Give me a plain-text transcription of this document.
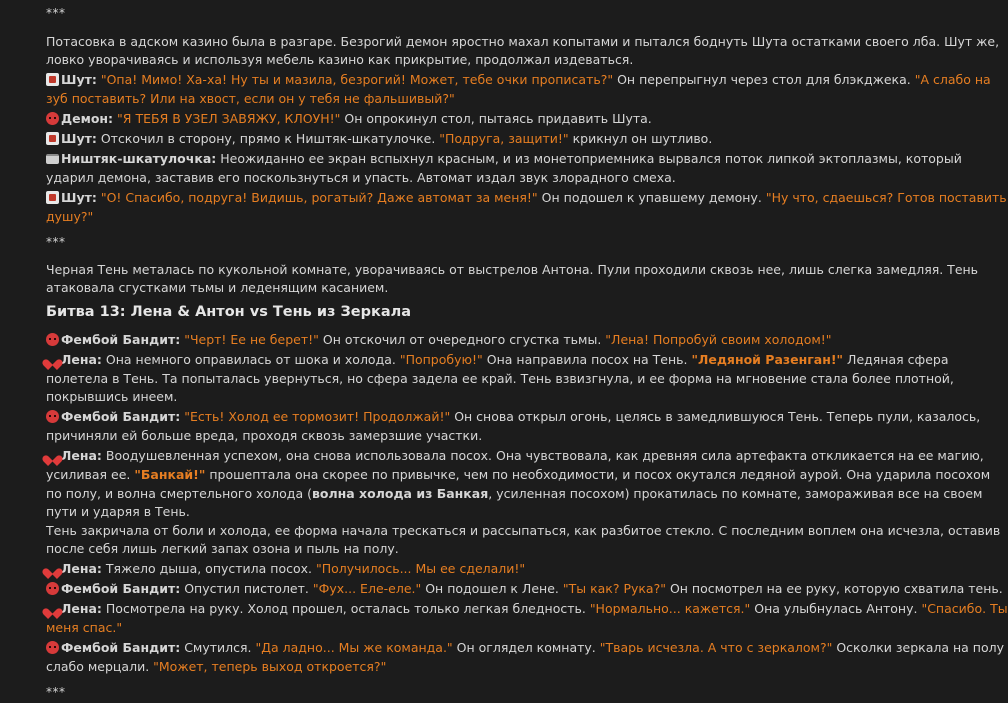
***
Потасовка в адском казино была в разгаре. Безрогий демон яростно махал копытами и пытался боднуть Шута остатками своего лба. Шут же,
ловко уворачиваясь и используя мебель казино как прикрытие, продолжал издеваться.
Шут: "Опа! Мимо! Ха-ха! Ну ты и мазила, безрогий! Может, тебе очки прописать?" Он перепрыгнул через стол для блэкджека. "А слабо на
зуб поставить? Или на хвост, если он у тебя не фальшивый?"
Демон: "Я ТЕБЯ В УЗЕЛ ЗАВЯЖУ, КЛОУН!" Он опрокинул стол, пытаясь придавить Шута.
Шут: Отскочил в сторону, прямо к Ништяк-шкатулочке. "Подруга, защити!" крикнул он шутливо.
Ништяк-шкатулочка: Неожиданно ее экран вспыхнул красным, и из монетоприемника вырвался поток липкой эктоплазмы, который
ударил демона, заставив его поскользнуться и упасть. Автомат издал звук злорадного смеха.
Шут: "О! Спасибо, подруга! Видишь, рогатый? Даже автомат за меня!" Он подошел к упавшему демону. "Ну что, сдаешься? Готов поставить
душу?"
***
Черная Тень металась по кукольной комнате, уворачиваясь от выстрелов Антона. Пули проходили сквозь нее, лишь слегка замедляя. Тень
атаковала сгустками тьмы и леденящим касанием.
Битва 13: Лена & Антон vs Тень из Зеркала
Фембой Бандит: "Черт! Ее не берет!" Он отскочил от очередного сгустка тьмы. "Лена! Попробуй своим холодом!"
Лена: Она немного оправилась от шока и холода. "Попробую!" Она направила посох на Тень. "Ледяной Разенган!" Ледяная сфера
полетела в Тень. Та попыталась увернуться, но сфера задела ее край. Тень взвизгнула, и ее форма на мгновение стала более плотной,
покрывшись инеем.
Фембой Бандит: "Есть! Холод ее тормозит! Продолжай!" Он снова открыл огонь, целясь в замедлившуюся Тень. Теперь пули, казалось,
причиняли ей больше вреда, проходя сквозь замерзшие участки.
Лена: Воодушевленная успехом, она снова использовала посох. Она чувствовала, как древняя сила артефакта откликается на ее магию,
усиливая ее. "Банкай!" прошептала она скорее по привычке, чем по необходимости, и посох окутался ледяной аурой. Она ударила посохом
по полу, и волна смертельного холода (волна холода из Банкая, усиленная посохом) прокатилась по комнате, замораживая все на своем
пути и ударяя в Тень.
Тень закричала от боли и холода, ее форма начала трескаться и рассыпаться, как разбитое стекло. С последним воплем она исчезла, оставив
после себя лишь легкий запах озона и пыль на полу.
Лена: Тяжело дыша, опустила посох. "Получилось... Мы ее сделали!"
Фембой Бандит: Опустил пистолет. "Фух... Еле-еле." Он подошел к Лене. "Ты как? Рука?" Он посмотрел на ее руку, которую схватила тень.
Лена: Посмотрела на руку. Холод прошел, осталась только легкая бледность. "Нормально... кажется." Она улыбнулась Антону. "Спасибо. Ты
меня спас."
Фембой Бандит: Смутился. "Да ладно... Мы же команда." Он оглядел комнату. "Тварь исчезла. А что с зеркалом?" Осколки зеркала на полу
слабо мерцали. "Может, теперь выход откроется?"
***
